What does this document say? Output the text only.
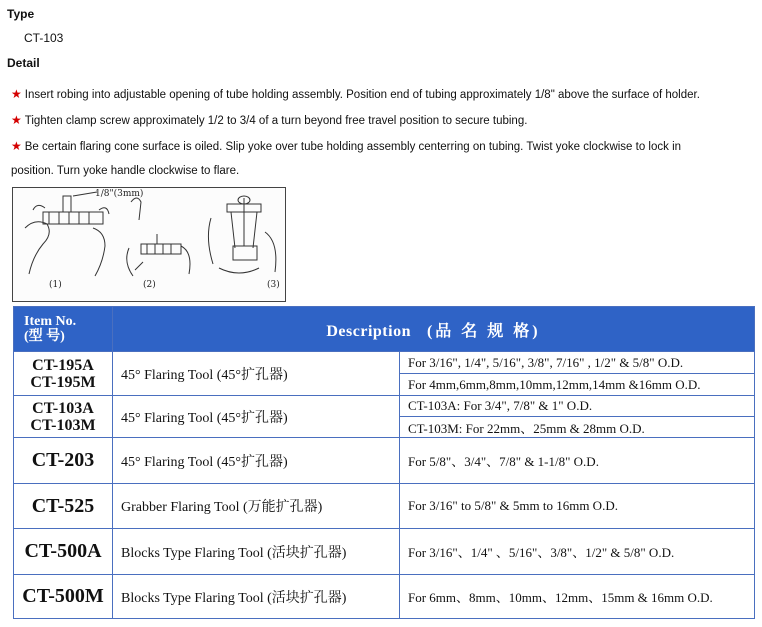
Type
CT-103
Detail
★ Insert robing into adjustable opening of tube holding assembly. Position end of tubing approximately 1/8" above the surface of holder.
★ Tighten clamp screw approximately 1/2 to 3/4 of a turn beyond free travel position to secure tubing.
★ Be certain flaring cone surface is oiled. Slip yoke over tube holding assembly centerring on tubing. Twist yoke clockwise to lock in
position. Turn yoke handle clockwise to flare.
1/8"(3mm)
(1)	(2)	(3)
Item No.
(型 号)	Description (品 名 规 格)	

CT-195A
CT-195M	45° Flaring Tool (45°扩孔器)	For 3/16", 1/4", 5/16", 3/8", 7/16" , 1/2" & 5/8" O.D.
		For 4mm,6mm,8mm,10mm,12mm,14mm &16mm O.D.

CT-103A
CT-103M	45° Flaring Tool (45°扩孔器)	CT-103A: For 3/4", 7/8" & 1" O.D.
		CT-103M: For 22mm、25mm & 28mm O.D.

CT-203	45° Flaring Tool (45°扩孔器)	For 5/8"、3/4"、7/8" & 1-1/8" O.D.

CT-525	Grabber Flaring Tool (万能扩孔器)	For 3/16" to 5/8" & 5mm to 16mm O.D.

CT-500A	Blocks Type Flaring Tool (活块扩孔器)	For 3/16"、1/4" 、5/16"、3/8"、1/2" & 5/8" O.D.

CT-500M	Blocks Type Flaring Tool (活块扩孔器)	For 6mm、8mm、10mm、12mm、15mm & 16mm O.D.
